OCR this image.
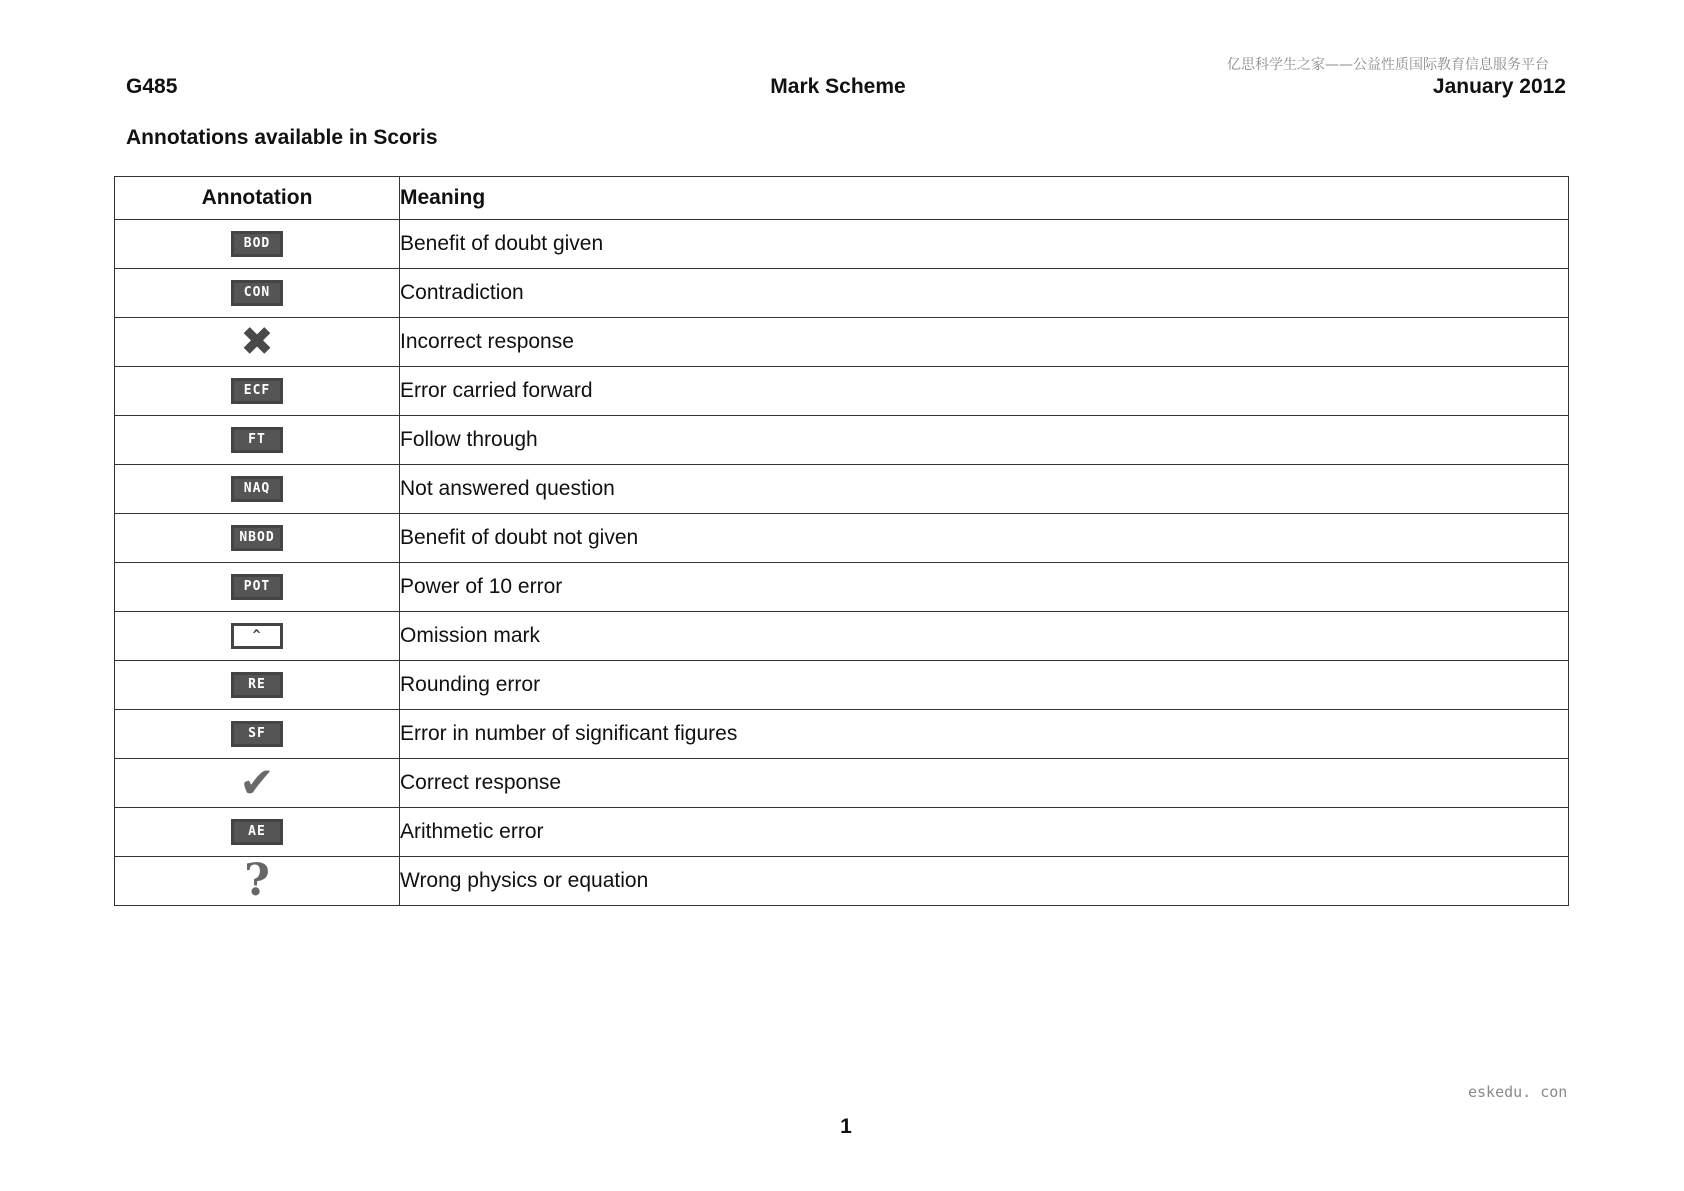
亿思科学生之家——公益性质国际教育信息服务平台
G485	Mark Scheme	January 2012
Annotations available in Scoris
Annotation	Meaning
BOD	Benefit of doubt given
CON	Contradiction
✖	Incorrect response
ECF	Error carried forward
FT	Follow through
NAQ	Not answered question
NBOD	Benefit of doubt not given
POT	Power of 10 error
^	Omission mark
RE	Rounding error
SF	Error in number of significant figures
✔	Correct response
AE	Arithmetic error
?	Wrong physics or equation
eskedu. con
1
